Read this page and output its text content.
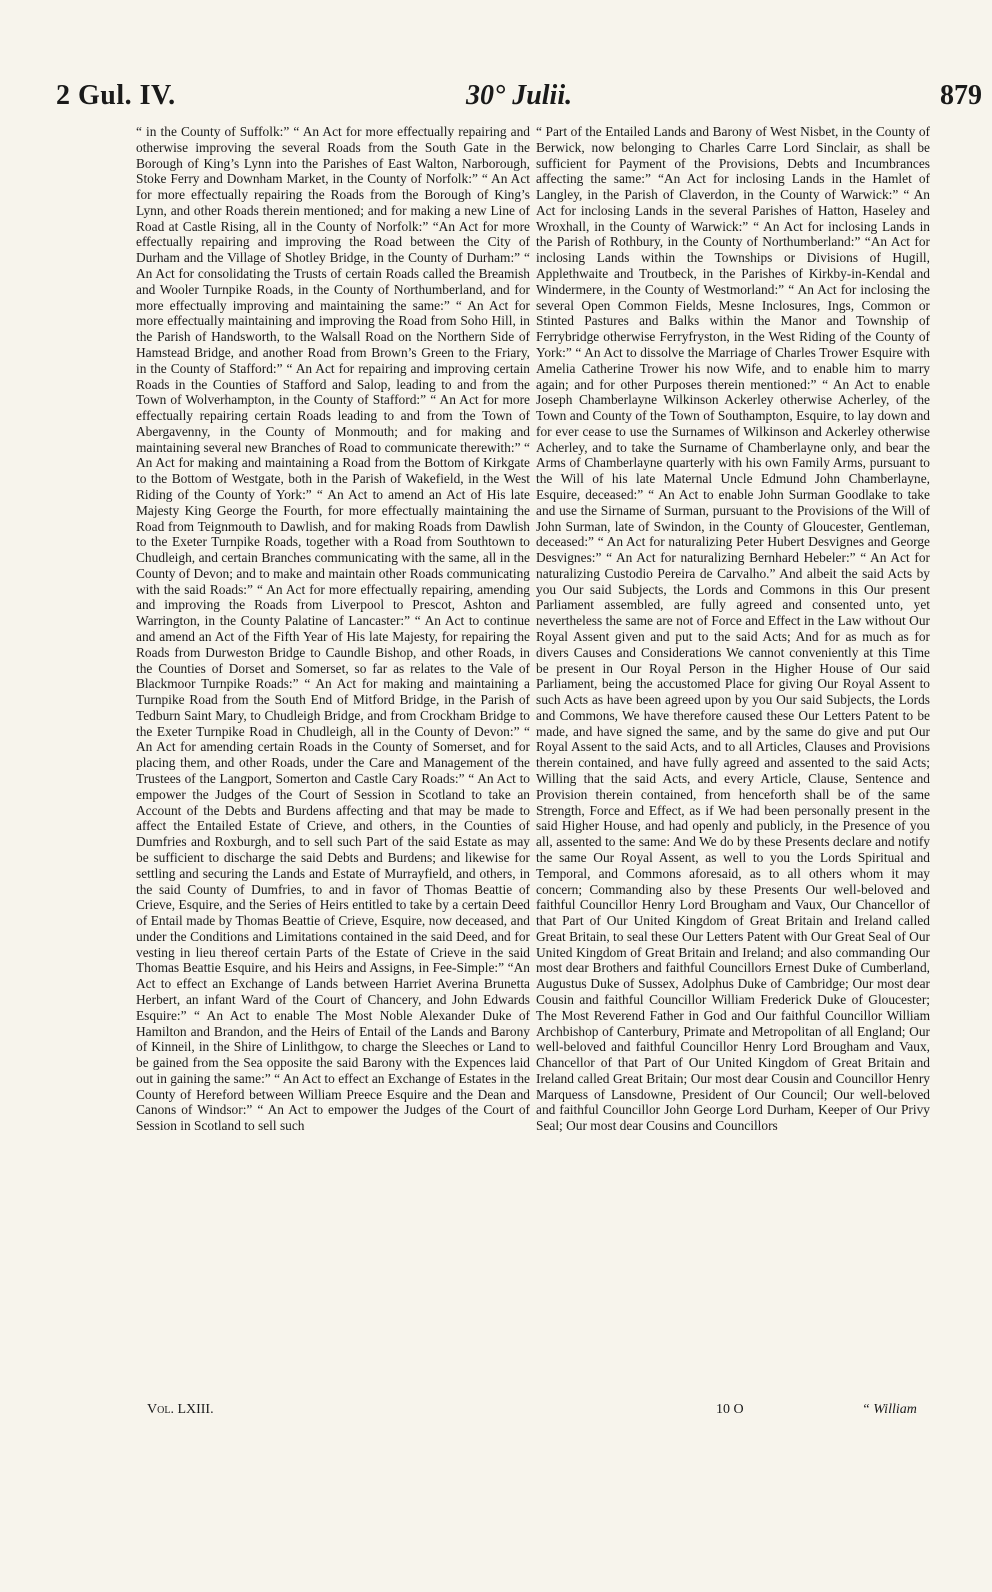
2 Gul. IV.	30° Julii.	879

“ in the County of Suffolk:” “ An Act for more effectually repairing and otherwise improving the several Roads from the South Gate in the Borough of King’s Lynn into the Parishes of East Walton, Narborough, Stoke Ferry and Downham Market, in the County of Norfolk:” “ An Act for more effectually repairing the Roads from the Borough of King’s Lynn, and other Roads therein mentioned; and for making a new Line of Road at Castle Rising, all in the County of Norfolk:” “An Act for more effectually repairing and improving the Road between the City of Durham and the Village of Shotley Bridge, in the County of Durham:” “ An Act for consolidating the Trusts of certain Roads called the Breamish and Wooler Turnpike Roads, in the County of Northumberland, and for more effectually improving and maintaining the same:” “ An Act for more effectually maintaining and improving the Road from Soho Hill, in the Parish of Handsworth, to the Walsall Road on the Northern Side of Hamstead Bridge, and another Road from Brown’s Green to the Friary, in the County of Stafford:” “ An Act for repairing and improving certain Roads in the Counties of Stafford and Salop, leading to and from the Town of Wolverhampton, in the County of Stafford:” “ An Act for more effectually repairing certain Roads leading to and from the Town of Abergavenny, in the County of Monmouth; and for making and maintaining several new Branches of Road to communicate therewith:” “ An Act for making and maintaining a Road from the Bottom of Kirkgate to the Bottom of Westgate, both in the Parish of Wakefield, in the West Riding of the County of York:” “ An Act to amend an Act of His late Majesty King George the Fourth, for more effectually maintaining the Road from Teignmouth to Dawlish, and for making Roads from Dawlish to the Exeter Turnpike Roads, together with a Road from Southtown to Chudleigh, and certain Branches communicating with the same, all in the County of Devon; and to make and maintain other Roads communicating with the said Roads:” “ An Act for more effectually repairing, amending and improving the Roads from Liverpool to Prescot, Ashton and Warrington, in the County Palatine of Lancaster:” “ An Act to continue and amend an Act of the Fifth Year of His late Majesty, for repairing the Roads from Durweston Bridge to Caundle Bishop, and other Roads, in the Counties of Dorset and Somerset, so far as relates to the Vale of Blackmoor Turnpike Roads:” “ An Act for making and maintaining a Turnpike Road from the South End of Mitford Bridge, in the Parish of Tedburn Saint Mary, to Chudleigh Bridge, and from Crockham Bridge to the Exeter Turnpike Road in Chudleigh, all in the County of Devon:” “ An Act for amending certain Roads in the County of Somerset, and for placing them, and other Roads, under the Care and Management of the Trustees of the Langport, Somerton and Castle Cary Roads:” “ An Act to empower the Judges of the Court of Session in Scotland to take an Account of the Debts and Burdens affecting and that may be made to affect the Entailed Estate of Crieve, and others, in the Counties of Dumfries and Roxburgh, and to sell such Part of the said Estate as may be sufficient to discharge the said Debts and Burdens; and likewise for settling and securing the Lands and Estate of Murrayfield, and others, in the said County of Dumfries, to and in favor of Thomas Beattie of Crieve, Esquire, and the Series of Heirs entitled to take by a certain Deed of Entail made by Thomas Beattie of Crieve, Esquire, now deceased, and under the Conditions and Limitations contained in the said Deed, and for vesting in lieu thereof certain Parts of the Estate of Crieve in the said Thomas Beattie Esquire, and his Heirs and Assigns, in Fee-Simple:” “An Act to effect an Exchange of Lands between Harriet Averina Brunetta Herbert, an infant Ward of the Court of Chancery, and John Edwards Esquire:” “ An Act to enable The Most Noble Alexander Duke of Hamilton and Brandon, and the Heirs of Entail of the Lands and Barony of Kinneil, in the Shire of Linlithgow, to charge the Sleeches or Land to be gained from the Sea opposite the said Barony with the Expences laid out in gaining the same:” “ An Act to effect an Exchange of Estates in the County of Hereford between William Preece Esquire and the Dean and Canons of Windsor:” “ An Act to empower the Judges of the Court of Session in Scotland to sell such

“ Part of the Entailed Lands and Barony of West Nisbet, in the County of Berwick, now belonging to Charles Carre Lord Sinclair, as shall be sufficient for Payment of the Provisions, Debts and Incumbrances affecting the same:” “An Act for inclosing Lands in the Hamlet of Langley, in the Parish of Claverdon, in the County of Warwick:” “ An Act for inclosing Lands in the several Parishes of Hatton, Haseley and Wroxhall, in the County of Warwick:” “ An Act for inclosing Lands in the Parish of Rothbury, in the County of Northumberland:” “An Act for inclosing Lands within the Townships or Divisions of Hugill, Applethwaite and Troutbeck, in the Parishes of Kirkby-in-Kendal and Windermere, in the County of Westmorland:” “ An Act for inclosing the several Open Common Fields, Mesne Inclosures, Ings, Common or Stinted Pastures and Balks within the Manor and Township of Ferrybridge otherwise Ferryfryston, in the West Riding of the County of York:” “ An Act to dissolve the Marriage of Charles Trower Esquire with Amelia Catherine Trower his now Wife, and to enable him to marry again; and for other Purposes therein mentioned:” “ An Act to enable Joseph Chamberlayne Wilkinson Ackerley otherwise Acherley, of the Town and County of the Town of Southampton, Esquire, to lay down and for ever cease to use the Surnames of Wilkinson and Ackerley otherwise Acherley, and to take the Surname of Chamberlayne only, and bear the Arms of Chamberlayne quarterly with his own Family Arms, pursuant to the Will of his late Maternal Uncle Edmund John Chamberlayne, Esquire, deceased:” “ An Act to enable John Surman Goodlake to take and use the Sirname of Surman, pursuant to the Provisions of the Will of John Surman, late of Swindon, in the County of Gloucester, Gentleman, deceased:” “ An Act for naturalizing Peter Hubert Desvignes and George Desvignes:” “ An Act for naturalizing Bernhard Hebeler:” “ An Act for naturalizing Custodio Pereira de Carvalho.” And albeit the said Acts by you Our said Subjects, the Lords and Commons in this Our present Parliament assembled, are fully agreed and consented unto, yet nevertheless the same are not of Force and Effect in the Law without Our Royal Assent given and put to the said Acts; And for as much as for divers Causes and Considerations We cannot conveniently at this Time be present in Our Royal Person in the Higher House of Our said Parliament, being the accustomed Place for giving Our Royal Assent to such Acts as have been agreed upon by you Our said Subjects, the Lords and Commons, We have therefore caused these Our Letters Patent to be made, and have signed the same, and by the same do give and put Our Royal Assent to the said Acts, and to all Articles, Clauses and Provisions therein contained, and have fully agreed and assented to the said Acts; Willing that the said Acts, and every Article, Clause, Sentence and Provision therein contained, from henceforth shall be of the same Strength, Force and Effect, as if We had been personally present in the said Higher House, and had openly and publicly, in the Presence of you all, assented to the same: And We do by these Presents declare and notify the same Our Royal Assent, as well to you the Lords Spiritual and Temporal, and Commons aforesaid, as to all others whom it may concern; Commanding also by these Presents Our well-beloved and faithful Councillor Henry Lord Brougham and Vaux, Our Chancellor of that Part of Our United Kingdom of Great Britain and Ireland called Great Britain, to seal these Our Letters Patent with Our Great Seal of Our United Kingdom of Great Britain and Ireland; and also commanding Our most dear Brothers and faithful Councillors Ernest Duke of Cumberland, Augustus Duke of Sussex, Adolphus Duke of Cambridge; Our most dear Cousin and faithful Councillor William Frederick Duke of Gloucester; The Most Reverend Father in God and Our faithful Councillor William Archbishop of Canterbury, Primate and Metropolitan of all England; Our well-beloved and faithful Councillor Henry Lord Brougham and Vaux, Chancellor of that Part of Our United Kingdom of Great Britain and Ireland called Great Britain; Our most dear Cousin and Councillor Henry Marquess of Lansdowne, President of Our Council; Our well-beloved and faithful Councillor John George Lord Durham, Keeper of Our Privy Seal; Our most dear Cousins and Councillors

Vol. LXIII.	10 O	“ William
